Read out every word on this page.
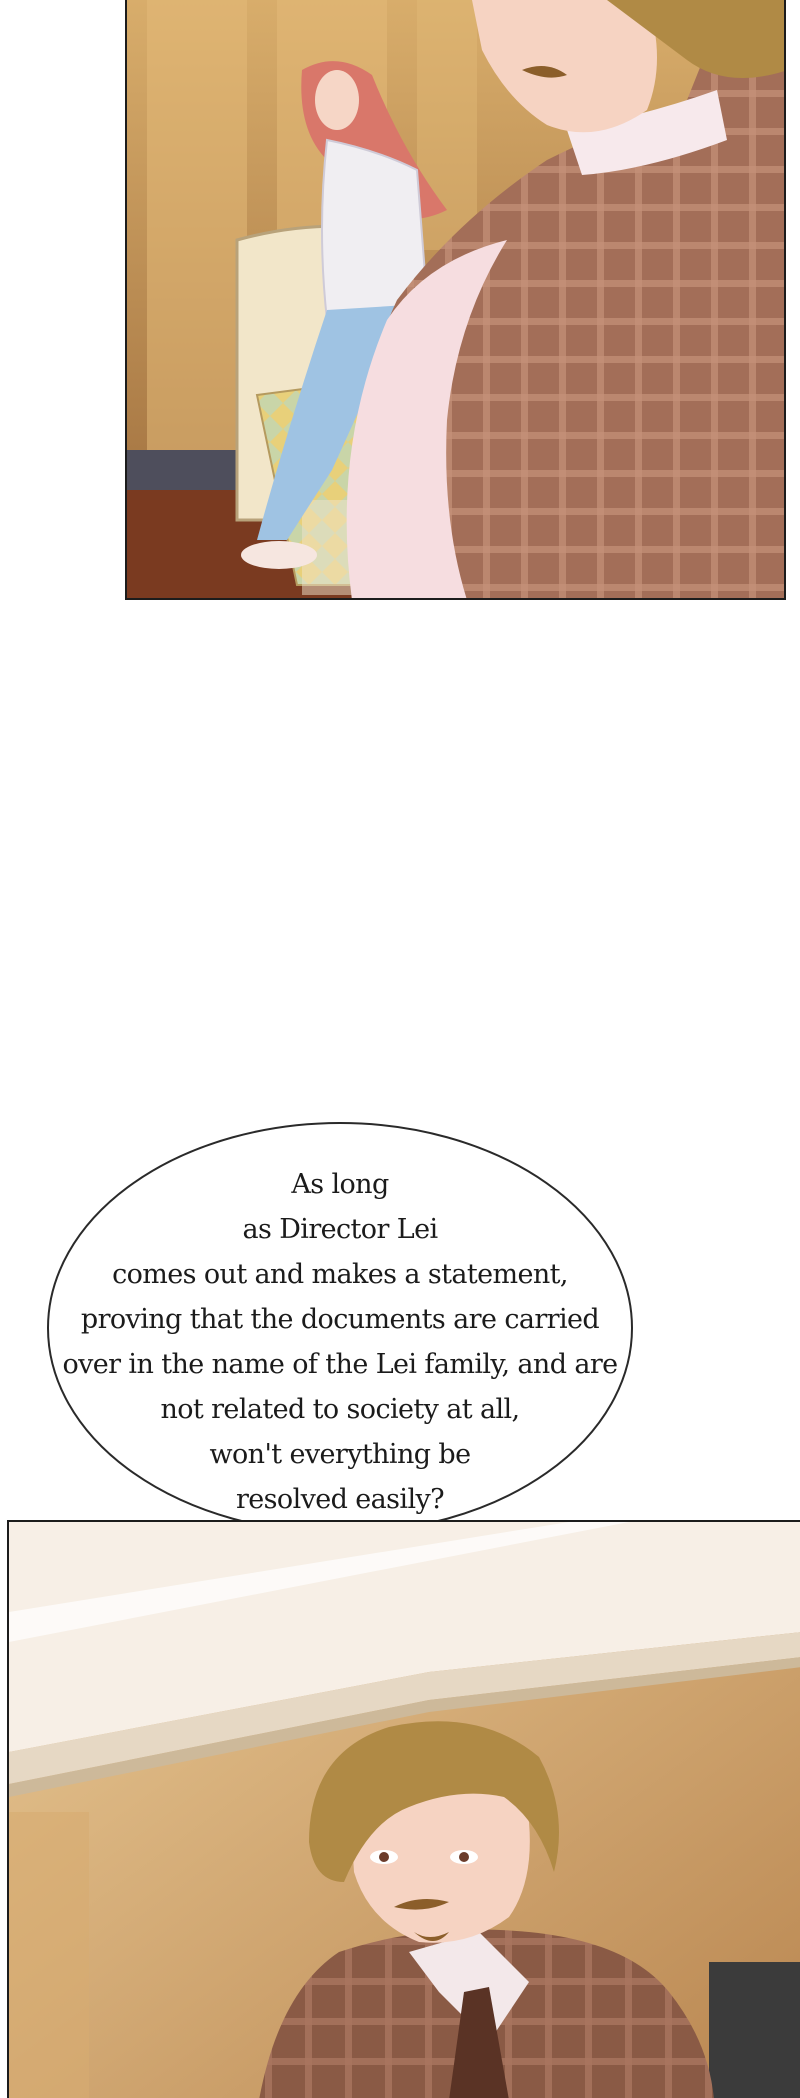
As long
as Director Lei
comes out and makes a statement,
proving that the documents are carried
over in the name of the Lei family, and are
not related to society at all,
won't everything be
resolved easily?
